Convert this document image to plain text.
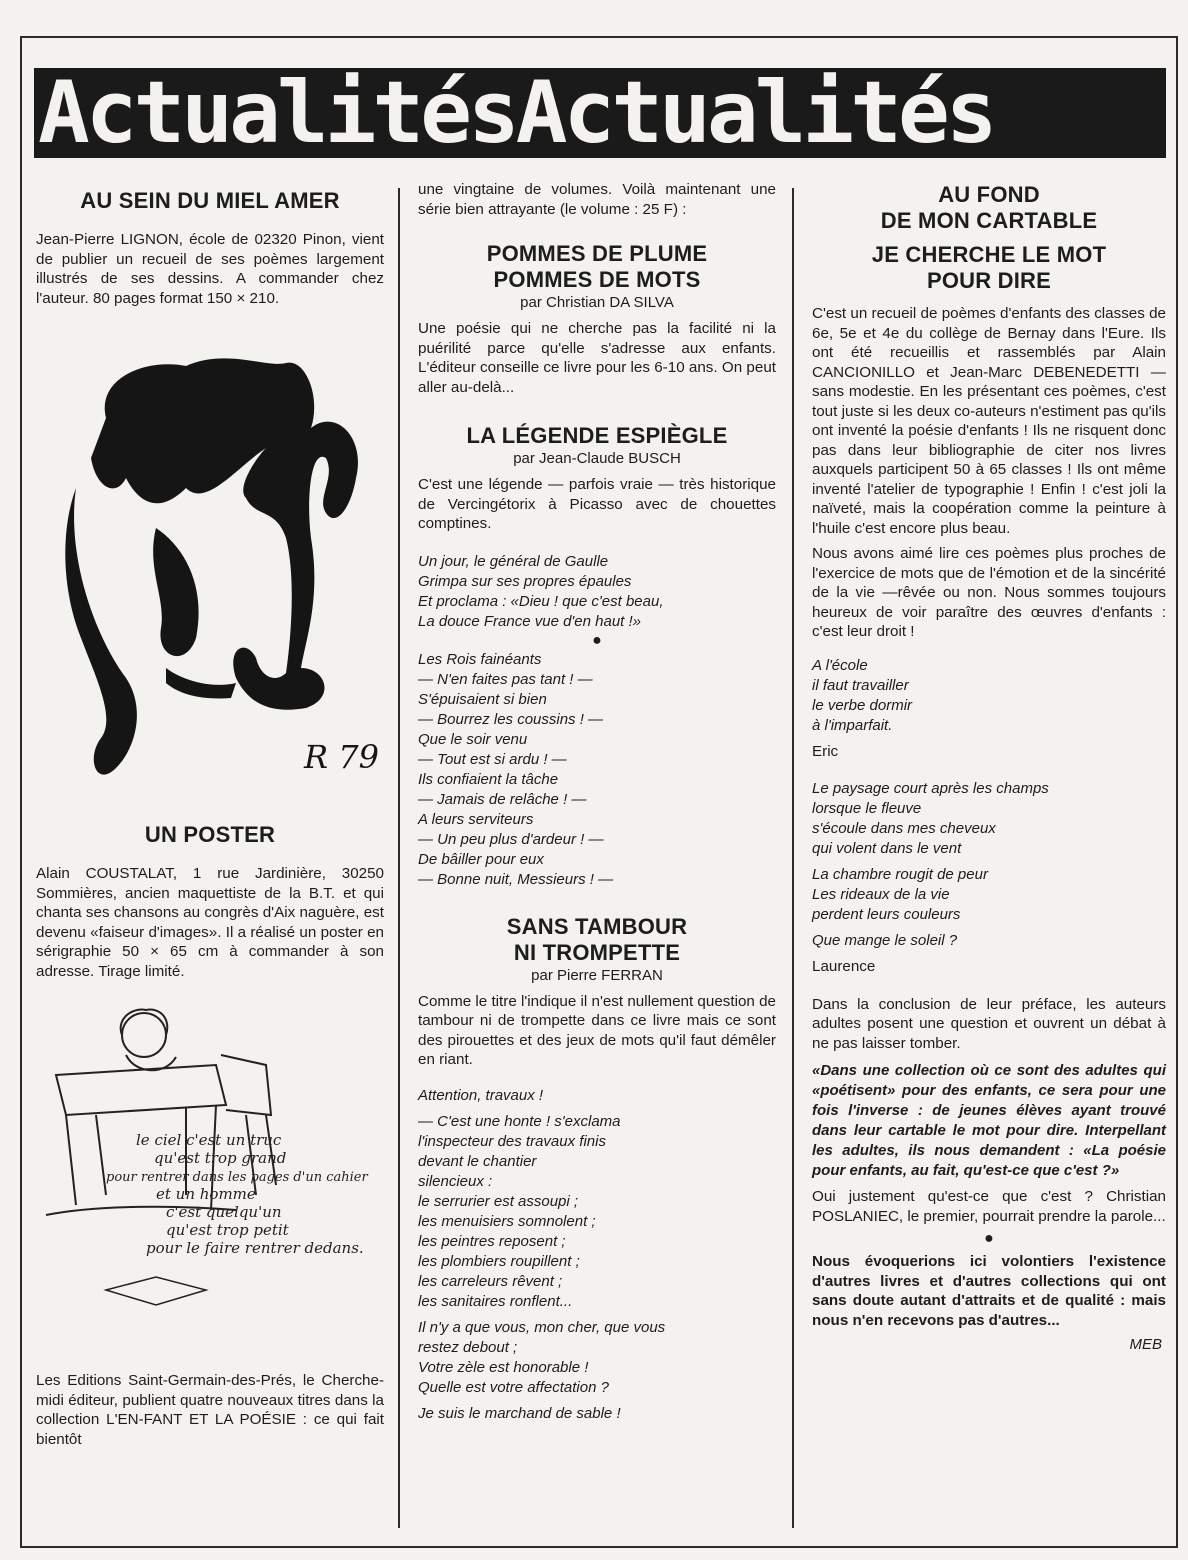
ActualitésActualités
AU SEIN DU MIEL AMER

Jean-Pierre LIGNON, école de 02320 Pinon, vient de publier un recueil de ses poèmes largement illustrés de ses dessins. A commander chez l'auteur. 80 pages format 150 × 210.

R 79
UN POSTER

Alain COUSTALAT, 1 rue Jardinière, 30250 Sommières, ancien maquettiste de la B.T. et qui chanta ses chansons au congrès d'Aix naguère, est devenu «faiseur d'images». Il a réalisé un poster en sérigraphie 50 × 65 cm à commander à son adresse. Tirage limité.

le ciel c'est un truc
qu'est trop grand
pour rentrer dans les pages d'un cahier
et un homme
c'est quelqu'un
qu'est trop petit
pour le faire rentrer dedans.

Les Editions Saint-Germain-des-Prés, le Cherche-midi éditeur, publient quatre nouveaux titres dans la collection L'EN-FANT ET LA POÉSIE : ce qui fait bientôt

une vingtaine de volumes. Voilà maintenant une série bien attrayante (le volume : 25 F) :

POMMES DE PLUME
POMMES DE MOTS
par Christian DA SILVA

Une poésie qui ne cherche pas la facilité ni la puérilité parce qu'elle s'adresse aux enfants. L'éditeur conseille ce livre pour les 6-10 ans. On peut aller au-delà...

LA LÉGENDE ESPIÈGLE
par Jean-Claude BUSCH

C'est une légende — parfois vraie — très historique de Vercingétorix à Picasso avec de chouettes comptines.

Un jour, le général de Gaulle
Grimpa sur ses propres épaules
Et proclama : «Dieu ! que c'est beau,
La douce France vue d'en haut !»
●
Les Rois fainéants
— N'en faites pas tant ! —
S'épuisaient si bien
— Bourrez les coussins ! —
Que le soir venu
— Tout est si ardu ! —
Ils confiaient la tâche
— Jamais de relâche ! —
A leurs serviteurs
— Un peu plus d'ardeur ! —
De bâiller pour eux
— Bonne nuit, Messieurs ! —
SANS TAMBOUR
NI TROMPETTE
par Pierre FERRAN

Comme le titre l'indique il n'est nullement question de tambour ni de trompette dans ce livre mais ce sont des pirouettes et des jeux de mots qu'il faut démêler en riant.

Attention, travaux !
— C'est une honte ! s'exclama
l'inspecteur des travaux finis
devant le chantier
silencieux :
le serrurier est assoupi ;
les menuisiers somnolent ;
les peintres reposent ;
les plombiers roupillent ;
les carreleurs rêvent ;
les sanitaires ronflent...
Il n'y a que vous, mon cher, que vous
restez debout ;
Votre zèle est honorable !
Quelle est votre affectation ?
Je suis le marchand de sable !
AU FOND
DE MON CARTABLE
JE CHERCHE LE MOT
POUR DIRE

C'est un recueil de poèmes d'enfants des classes de 6e, 5e et 4e du collège de Bernay dans l'Eure. Ils ont été recueillis et rassemblés par Alain CANCIONILLO et Jean-Marc DEBENEDETTI — sans modestie. En les présentant ces poèmes, c'est tout juste si les deux co-auteurs n'estiment pas qu'ils ont inventé la poésie d'enfants ! Ils ne risquent donc pas dans leur bibliographie de citer nos livres auxquels participent 50 à 65 classes ! Ils ont même inventé l'atelier de typographie ! Enfin ! c'est joli la naïveté, mais la coopération comme la peinture à l'huile c'est encore plus beau.

Nous avons aimé lire ces poèmes plus proches de l'exercice de mots que de l'émotion et de la sincérité de la vie —rêvée ou non. Nous sommes toujours heureux de voir paraître des œuvres d'enfants : c'est leur droit !

A l'école
il faut travailler
le verbe dormir
à l'imparfait.

Eric

Le paysage court après les champs
lorsque le fleuve
s'écoule dans mes cheveux
qui volent dans le vent
La chambre rougit de peur
Les rideaux de la vie
perdent leurs couleurs
Que mange le soleil ?

Laurence

Dans la conclusion de leur préface, les auteurs adultes posent une question et ouvrent un débat à ne pas laisser tomber.

«Dans une collection où ce sont des adultes qui «poétisent» pour des enfants, ce sera pour une fois l'inverse : de jeunes élèves ayant trouvé dans leur cartable le mot pour dire. Interpellant les adultes, ils nous demandent : «La poésie pour enfants, au fait, qu'est-ce que c'est ?»

Oui justement qu'est-ce que c'est ? Christian POSLANIEC, le premier, pourrait prendre la parole...

●

Nous évoquerions ici volontiers l'existence d'autres livres et d'autres collections qui ont sans doute autant d'attraits et de qualité : mais nous n'en recevons pas d'autres...

MEB
